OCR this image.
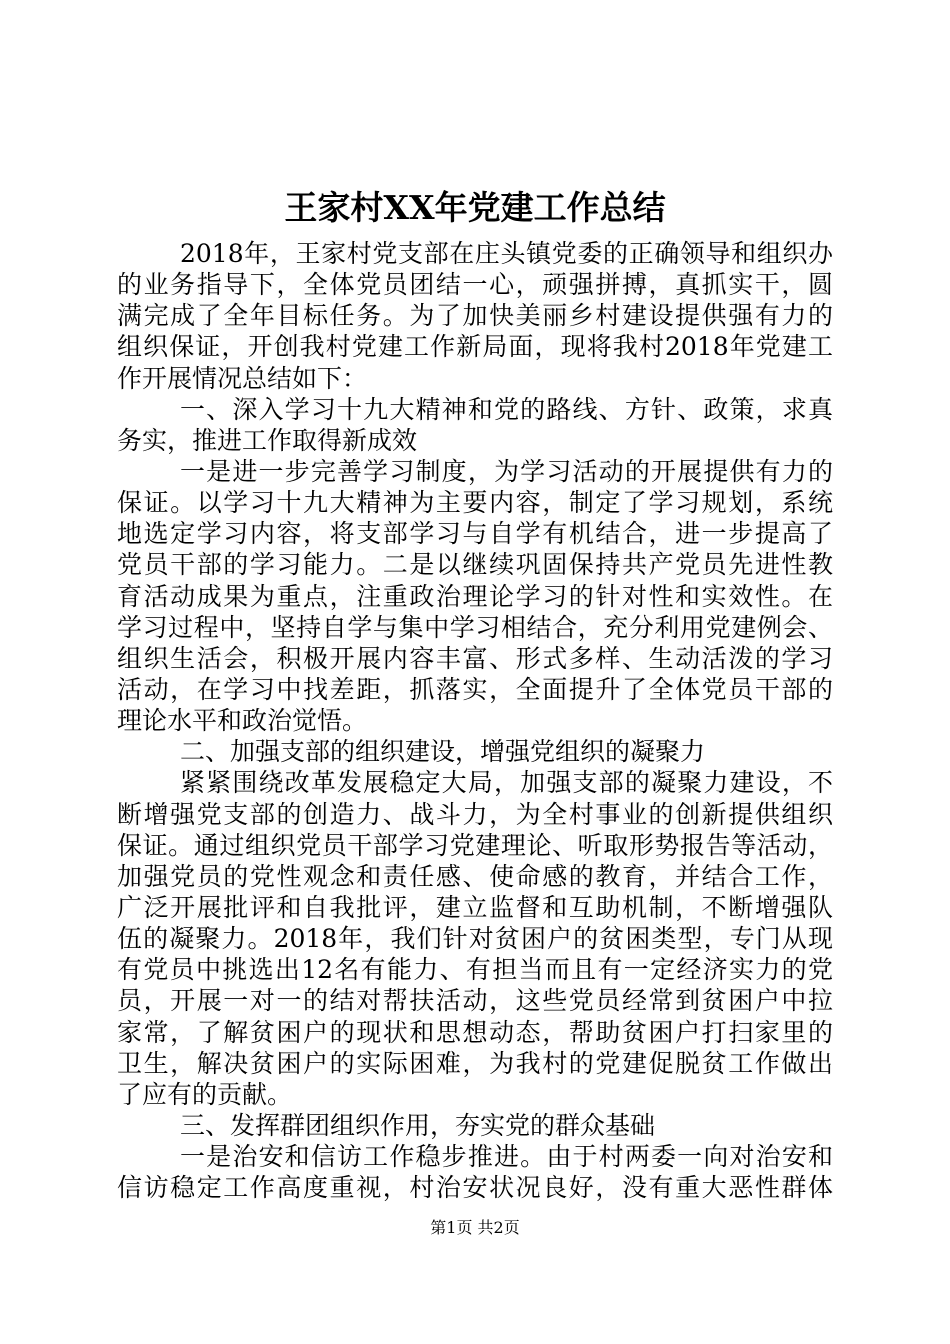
王家村XX年党建工作总结
2018年，王家村党支部在庄头镇党委的正确领导和组织办
的业务指导下，全体党员团结一心，顽强拼搏，真抓实干，圆
满完成了全年目标任务。为了加快美丽乡村建设提供强有力的
组织保证，开创我村党建工作新局面，现将我村2018年党建工
作开展情况总结如下：
一、深入学习十九大精神和党的路线、方针、政策，求真
务实，推进工作取得新成效
一是进一步完善学习制度，为学习活动的开展提供有力的
保证。以学习十九大精神为主要内容，制定了学习规划，系统
地选定学习内容，将支部学习与自学有机结合，进一步提高了
党员干部的学习能力。二是以继续巩固保持共产党员先进性教
育活动成果为重点，注重政治理论学习的针对性和实效性。在
学习过程中，坚持自学与集中学习相结合，充分利用党建例会、
组织生活会，积极开展内容丰富、形式多样、生动活泼的学习
活动，在学习中找差距，抓落实，全面提升了全体党员干部的
理论水平和政治觉悟。
二、加强支部的组织建设，增强党组织的凝聚力
紧紧围绕改革发展稳定大局，加强支部的凝聚力建设，不
断增强党支部的创造力、战斗力，为全村事业的创新提供组织
保证。通过组织党员干部学习党建理论、听取形势报告等活动，
加强党员的党性观念和责任感、使命感的教育，并结合工作，
广泛开展批评和自我批评，建立监督和互助机制，不断增强队
伍的凝聚力。2018年，我们针对贫困户的贫困类型，专门从现
有党员中挑选出12名有能力、有担当而且有一定经济实力的党
员，开展一对一的结对帮扶活动，这些党员经常到贫困户中拉
家常，了解贫困户的现状和思想动态，帮助贫困户打扫家里的
卫生，解决贫困户的实际困难，为我村的党建促脱贫工作做出
了应有的贡献。
三、发挥群团组织作用，夯实党的群众基础
一是治安和信访工作稳步推进。由于村两委一向对治安和
信访稳定工作高度重视，村治安状况良好，没有重大恶性群体
第1页 共2页
